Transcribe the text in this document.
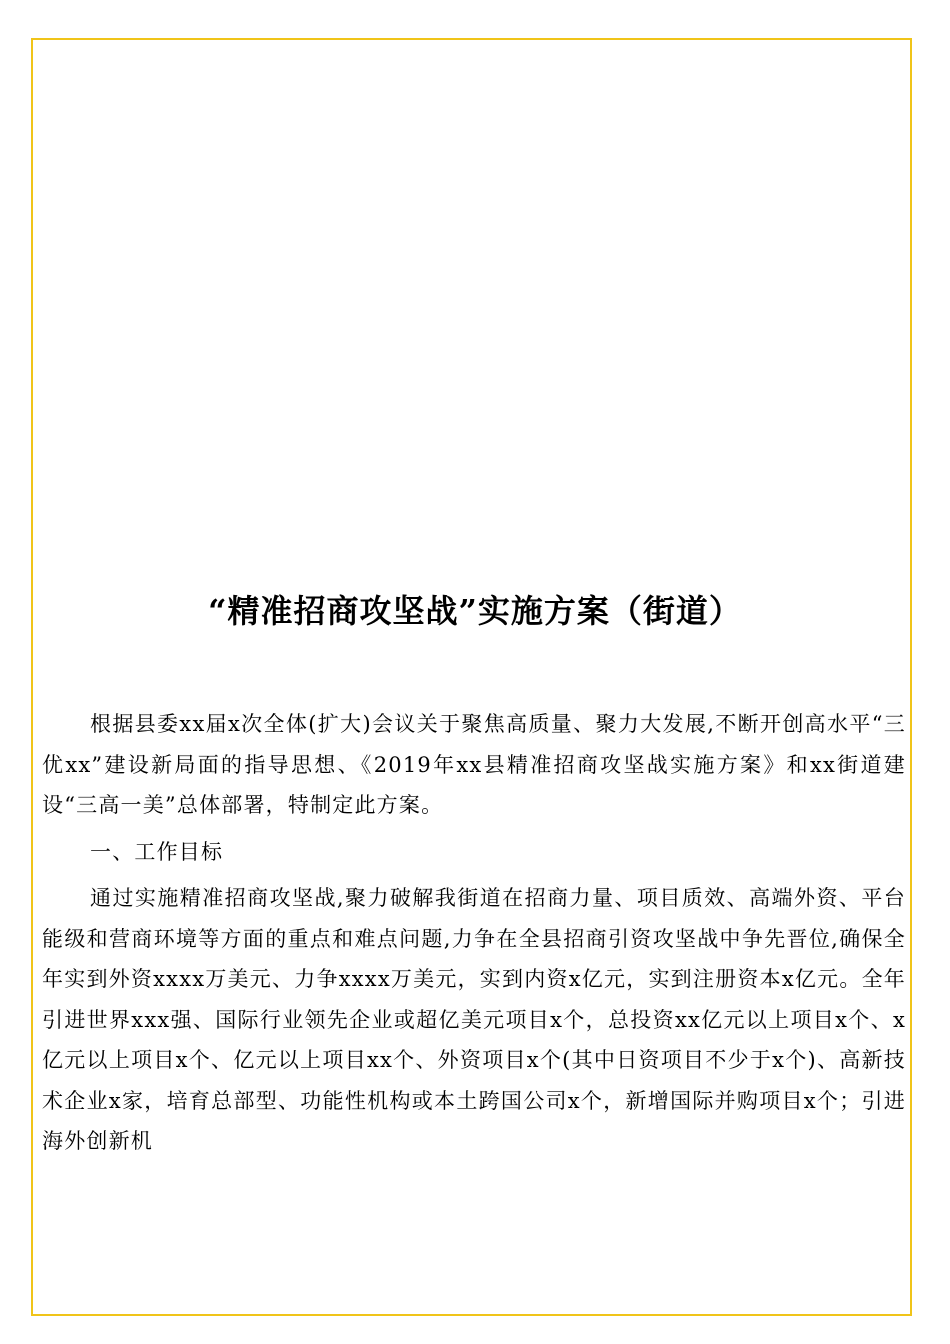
“精准招商攻坚战”实施方案（街道）

根据县委xx届x次全体(扩大)会议关于聚焦高质量、聚力大发展,不断开创高水平“三优xx”建设新局面的指导思想、《2019年xx县精准招商攻坚战实施方案》和xx街道建设“三高一美”总体部署，特制定此方案。

一、工作目标

通过实施精准招商攻坚战,聚力破解我街道在招商力量、项目质效、高端外资、平台能级和营商环境等方面的重点和难点问题,力争在全县招商引资攻坚战中争先晋位,确保全年实到外资xxxx万美元、力争xxxx万美元，实到内资x亿元，实到注册资本x亿元。全年引进世界xxx强、国际行业领先企业或超亿美元项目x个，总投资xx亿元以上项目x个、x亿元以上项目x个、亿元以上项目xx个、外资项目x个(其中日资项目不少于x个)、高新技术企业x家，培育总部型、功能性机构或本土跨国公司x个，新增国际并购项目x个；引进海外创新机
